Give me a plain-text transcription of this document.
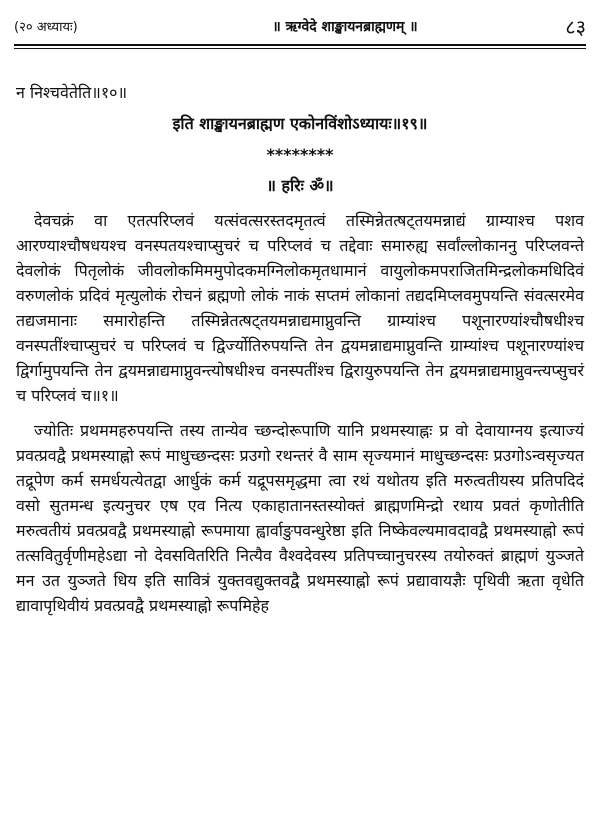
(२० अध्यायः)	॥ ऋग्वेदे शाङ्खायनब्राह्मणम् ॥	८३

न निश्चवेतेति॥१०॥

इति शाङ्खायनब्राह्मण एकोनविंशोऽध्यायः॥१९॥

********

॥ हरिः ॐ॥

देवचक्रं वा एतत्परिप्लवं यत्संवत्सरस्तदमृतत्वं तस्मिन्नेतत्षट्तयमन्नाद्यं ग्राम्याश्च पशव आरण्याश्चौषधयश्च वनस्पतयश्चाप्सुचरं च परिप्लवं च तद्देवाः समारुह्य सर्वांल्लोकाननु परिप्लवन्ते देवलोकं पितृलोकं जीवलोकमिममुपोदकमग्निलोकमृतधामानं वायुलोकमपराजितमिन्द्रलोकमधिदिवं वरुणलोकं प्रदिवं मृत्युलोकं रोचनं ब्रह्मणो लोकं नाकं सप्तमं लोकानां तद्यदमिप्लवमुपयन्ति संवत्सरमेव तद्यजमानाः समारोहन्ति तस्मिन्नेतत्षट्तयमन्नाद्यमाप्नुवन्ति ग्राम्यांश्च पशूनारण्यांश्चौषधीश्च वनस्पतींश्चाप्सुचरं च परिप्लवं च द्विर्ज्योतिरुपयन्ति तेन द्वयमन्नाद्यमाप्नुवन्ति ग्राम्यांश्च पशूनारण्यांश्च द्विर्गामुपयन्ति तेन द्वयमन्नाद्यमाप्नुवन्त्योषधीश्च वनस्पतींश्च द्विरायुरुपयन्ति तेन द्वयमन्नाद्यमाप्नुवन्त्यप्सुचरं च परिप्लवं च॥१॥

ज्योतिः प्रथममहरुपयन्ति तस्य तान्येव च्छन्दोरूपाणि यानि प्रथमस्याह्नः प्र वो देवायाग्नय इत्याज्यं प्रवत्प्रवद्वै प्रथमस्याह्नो रूपं माधुच्छन्दसः प्रउगो रथन्तरं वै साम सृज्यमानं माधुच्छन्दसः प्रउगोऽन्वसृज्यत तद्रूपेण कर्म समर्धयत्येतद्वा आर्धुकं कर्म यद्रूपसमृद्धमा त्वा रथं यथोतय इति मरुत्वतीयस्य प्रतिपदिदं वसो सुतमन्ध इत्यनुचर एष एव नित्य एकाहातानस्तस्योक्तं ब्राह्मणमिन्द्रो रथाय प्रवतं कृणोतीति मरुत्वतीयं प्रवत्प्रवद्वै प्रथमस्याह्नो रूपमाया ह्वार्वाङुपवन्धुरेष्ठा इति निष्केवल्यमावदावद्वै प्रथमस्याह्नो रूपं तत्सवितुर्वृणीमहेऽद्या नो देवसवितरिति नित्यैव वैश्वदेवस्य प्रतिपच्चानुचरस्य तयोरुक्तं ब्राह्मणं युञ्जते मन उत युञ्जते धिय इति सावित्रं युक्तवद्युक्तवद्वै प्रथमस्याह्नो रूपं प्रद्यावायज्ञैः पृथिवी ऋता वृधेति द्यावापृथिवीयं प्रवत्प्रवद्वै प्रथमस्याह्नो रूपमिहेह
